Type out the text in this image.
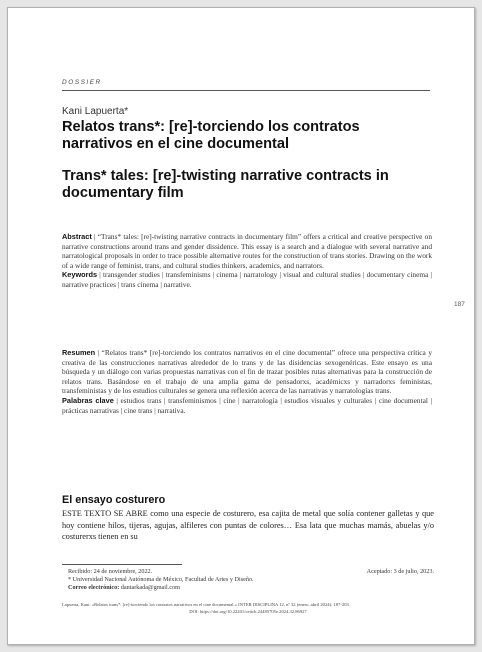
DOSSIER
Kani Lapuerta*
Relatos trans*: [re]-torciendo los contratos narrativos en el cine documental
Trans* tales: [re]-twisting narrative contracts in documentary film
Abstract | “Trans* tales: [re]-twisting narrative contracts in documentary film” offers a critical and creative perspective on narrative constructions around trans and gender dissidence. This essay is a search and a dialogue with several narrative and narratological proposals in order to trace possible alternative routes for the construction of trans stories. Drawing on the work of a wide range of feminist, trans, and cultural studies thinkers, academics, and narrators.
Keywords | transgender studies | transfeminisms | cinema | narratology | visual and cultural studies | documentary cinema | narrative practices | trans cinema | narrative.
187
Resumen | “Relatos trans* [re]-torciendo los contratos narrativos en el cine documental” ofrece una perspectiva crítica y creativa de las construcciones narrativas alrededor de lo trans y de las disidencias sexogenéricas. Este ensayo es una búsqueda y un diálogo con varias propuestas narrativas con el fin de trazar posibles rutas alternativas para la construcción de relatos trans. Basándose en el trabajo de una amplia gama de pensadorxs, académicxs y narradorxs feministas, transfeministas y de los estudios culturales se genera una reflexión acerca de las narrativas y narratologías trans.
Palabras clave | estudios trans | transfeminismos | cine | narratología | estudios visuales y culturales | cine documental | prácticas narrativas | cine trans | narrativa.
El ensayo costurero
ESTE TEXTO SE ABRE como una especie de costurero, esa cajita de metal que solía contener galletas y que hoy contiene hilos, tijeras, agujas, alfileres con puntas de colores… Esa lata que muchas mamás, abuelas y/o costurerxs tienen en su
Recibido: 24 de noviembre, 2022.	Aceptado: 3 de julio, 2023.
* Universidad Nacional Autónoma de México, Facultad de Artes y Diseño.
Correo electrónico: dantarkada@gmail.com
Lapuerta, Kani. «Relatos trans*: [re]-torciendo los contratos narrativos en el cine documental.» INTER DISCIPLINA 12, nº 32 (enero–abril 2024): 187-203.
DOI: https://doi.org/10.22201/ceiich.24485705e.2024.32.86927
